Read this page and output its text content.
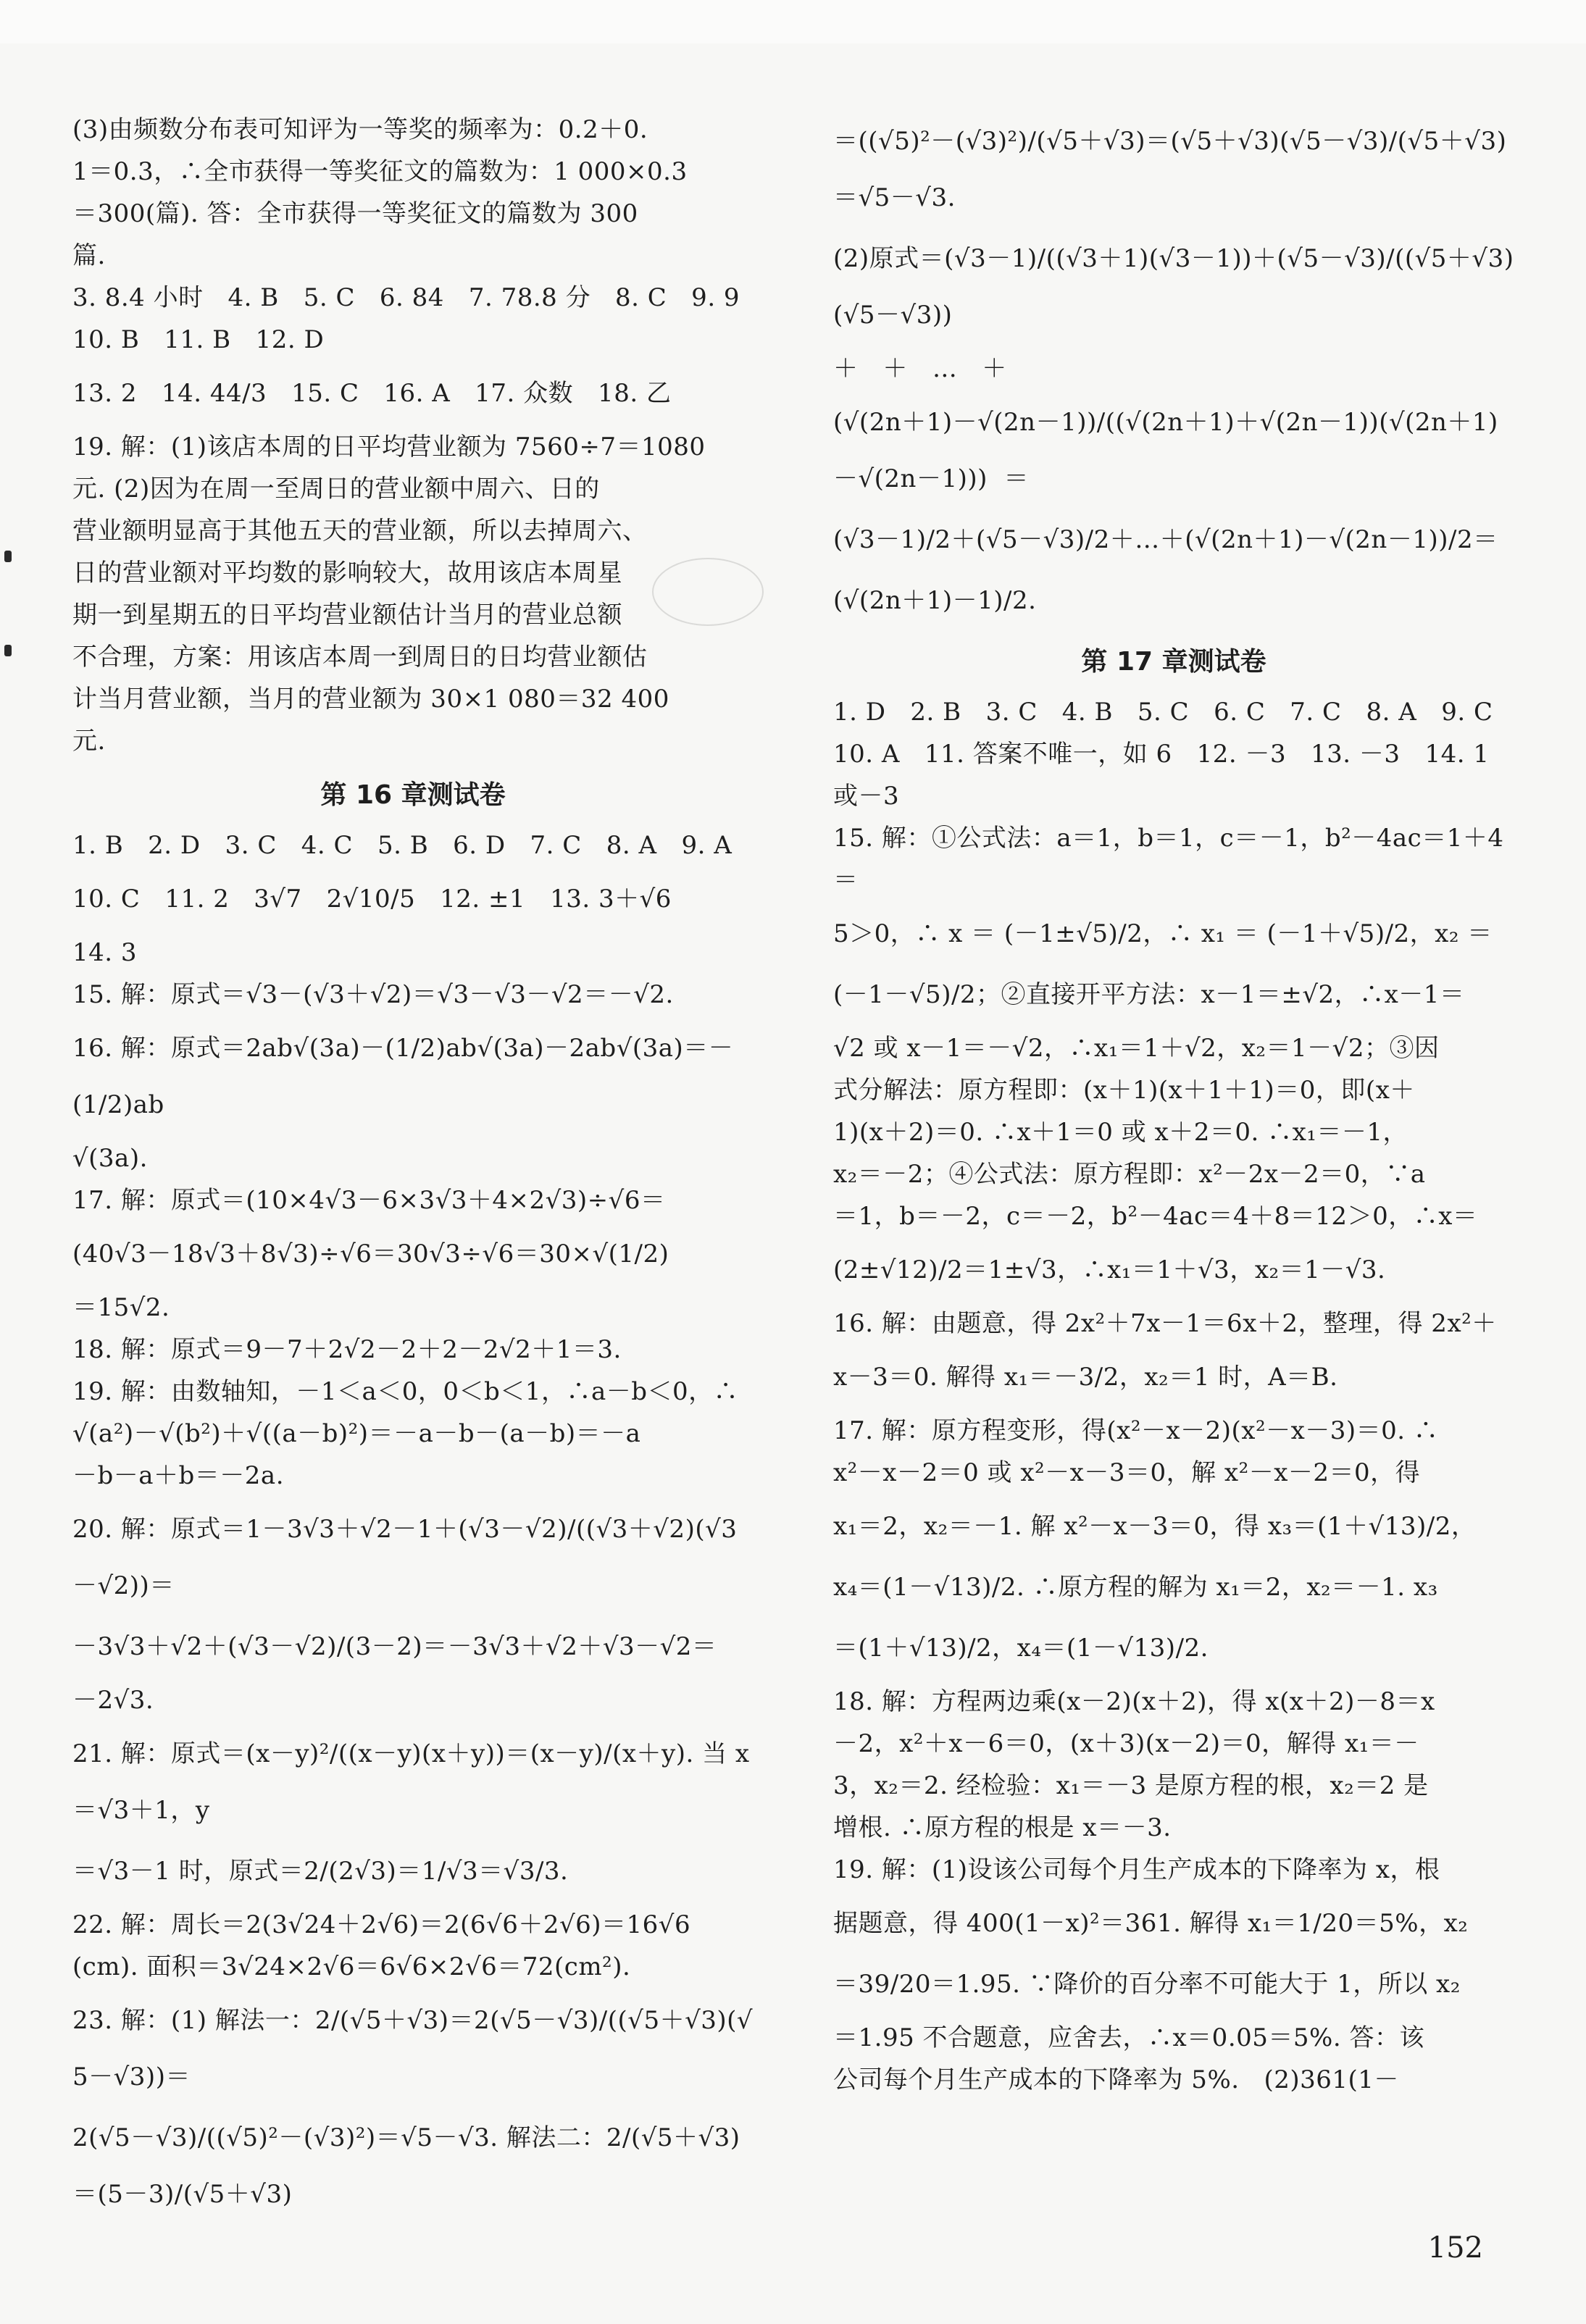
(3)由频数分布表可知评为一等奖的频率为：0.2＋0.
1＝0.3，∴全市获得一等奖征文的篇数为：1 000×0.3
＝300(篇). 答：全市获得一等奖征文的篇数为 300
篇.
3. 8.4 小时   4. B   5. C   6. 84   7. 78.8 分   8. C   9. 9
10. B   11. B   12. D
13. 2   14. 44/3   15. C   16. A   17. 众数   18. 乙
19. 解：(1)该店本周的日平均营业额为 7560÷7＝1080
元. (2)因为在周一至周日的营业额中周六、日的
营业额明显高于其他五天的营业额，所以去掉周六、
日的营业额对平均数的影响较大，故用该店本周星
期一到星期五的日平均营业额估计当月的营业总额
不合理，方案：用该店本周一到周日的日均营业额估
计当月营业额，当月的营业额为 30×1 080＝32 400
元.
第 16 章测试卷
1. B   2. D   3. C   4. C   5. B   6. D   7. C   8. A   9. A
10. C   11. 2   3√7   2√10/5   12. ±1   13. 3＋√6
14. 3
15. 解：原式＝√3－(√3＋√2)＝√3－√3－√2＝－√2.
16. 解：原式＝2ab√(3a)－(1/2)ab√(3a)－2ab√(3a)＝－(1/2)ab
√(3a).
17. 解：原式＝(10×4√3－6×3√3＋4×2√3)÷√6＝
(40√3－18√3＋8√3)÷√6＝30√3÷√6＝30×√(1/2)
＝15√2.
18. 解：原式＝9－7＋2√2－2＋2－2√2＋1＝3.
19. 解：由数轴知，－1＜a＜0，0＜b＜1，∴a－b＜0，∴
√(a²)－√(b²)＋√((a－b)²)＝－a－b－(a－b)＝－a
－b－a＋b＝－2a.
20. 解：原式＝1－3√3＋√2－1＋(√3－√2)/((√3＋√2)(√3－√2))＝
－3√3＋√2＋(√3－√2)/(3－2)＝－3√3＋√2＋√3－√2＝
－2√3.
21. 解：原式＝(x－y)²/((x－y)(x＋y))＝(x－y)/(x＋y). 当 x＝√3＋1，y
＝√3－1 时，原式＝2/(2√3)＝1/√3＝√3/3.
22. 解：周长＝2(3√24＋2√6)＝2(6√6＋2√6)＝16√6
(cm). 面积＝3√24×2√6＝6√6×2√6＝72(cm²).
23. 解：(1) 解法一：2/(√5＋√3)＝2(√5－√3)/((√5＋√3)(√5－√3))＝
2(√5－√3)/((√5)²－(√3)²)＝√5－√3. 解法二：2/(√5＋√3)＝(5－3)/(√5＋√3)
＝((√5)²－(√3)²)/(√5＋√3)＝(√5＋√3)(√5－√3)/(√5＋√3)＝√5－√3.
(2)原式＝(√3－1)/((√3＋1)(√3－1))＋(√5－√3)/((√5＋√3)(√5－√3))
＋   ＋   …   ＋
(√(2n＋1)－√(2n－1))/((√(2n＋1)＋√(2n－1))(√(2n＋1)－√(2n－1)))  ＝
(√3－1)/2＋(√5－√3)/2＋…＋(√(2n＋1)－√(2n－1))/2＝
(√(2n＋1)－1)/2.
第 17 章测试卷
1. D   2. B   3. C   4. B   5. C   6. C   7. C   8. A   9. C
10. A   11. 答案不唯一，如 6   12. －3   13. －3   14. 1
或－3
15. 解：①公式法：a＝1，b＝1，c＝－1，b²－4ac＝1＋4＝
5＞0，∴ x ＝ (－1±√5)/2，∴ x₁ ＝ (－1＋√5)/2，x₂ ＝
(－1－√5)/2；②直接开平方法：x－1＝±√2，∴x－1＝
√2 或 x－1＝－√2，∴x₁＝1＋√2，x₂＝1－√2；③因
式分解法：原方程即：(x＋1)(x＋1＋1)＝0，即(x＋
1)(x＋2)＝0. ∴x＋1＝0 或 x＋2＝0. ∴x₁＝－1，
x₂＝－2；④公式法：原方程即：x²－2x－2＝0，∵a
＝1，b＝－2，c＝－2，b²－4ac＝4＋8＝12＞0，∴x＝
(2±√12)/2＝1±√3，∴x₁＝1＋√3，x₂＝1－√3.
16. 解：由题意，得 2x²＋7x－1＝6x＋2，整理，得 2x²＋
x－3＝0. 解得 x₁＝－3/2，x₂＝1 时，A＝B.
17. 解：原方程变形，得(x²－x－2)(x²－x－3)＝0. ∴
x²－x－2＝0 或 x²－x－3＝0，解 x²－x－2＝0，得
x₁＝2，x₂＝－1. 解 x²－x－3＝0，得 x₃＝(1＋√13)/2，
x₄＝(1－√13)/2. ∴原方程的解为 x₁＝2，x₂＝－1. x₃
＝(1＋√13)/2，x₄＝(1－√13)/2.
18. 解：方程两边乘(x－2)(x＋2)，得 x(x＋2)－8＝x
－2，x²＋x－6＝0，(x＋3)(x－2)＝0，解得 x₁＝－
3，x₂＝2. 经检验：x₁＝－3 是原方程的根，x₂＝2 是
增根. ∴原方程的根是 x＝－3.
19. 解：(1)设该公司每个月生产成本的下降率为 x，根
据题意，得 400(1－x)²＝361. 解得 x₁＝1/20＝5%，x₂
＝39/20＝1.95. ∵降价的百分率不可能大于 1，所以 x₂
＝1.95 不合题意，应舍去，∴x＝0.05＝5%. 答：该
公司每个月生产成本的下降率为 5%.   (2)361(1－
152
